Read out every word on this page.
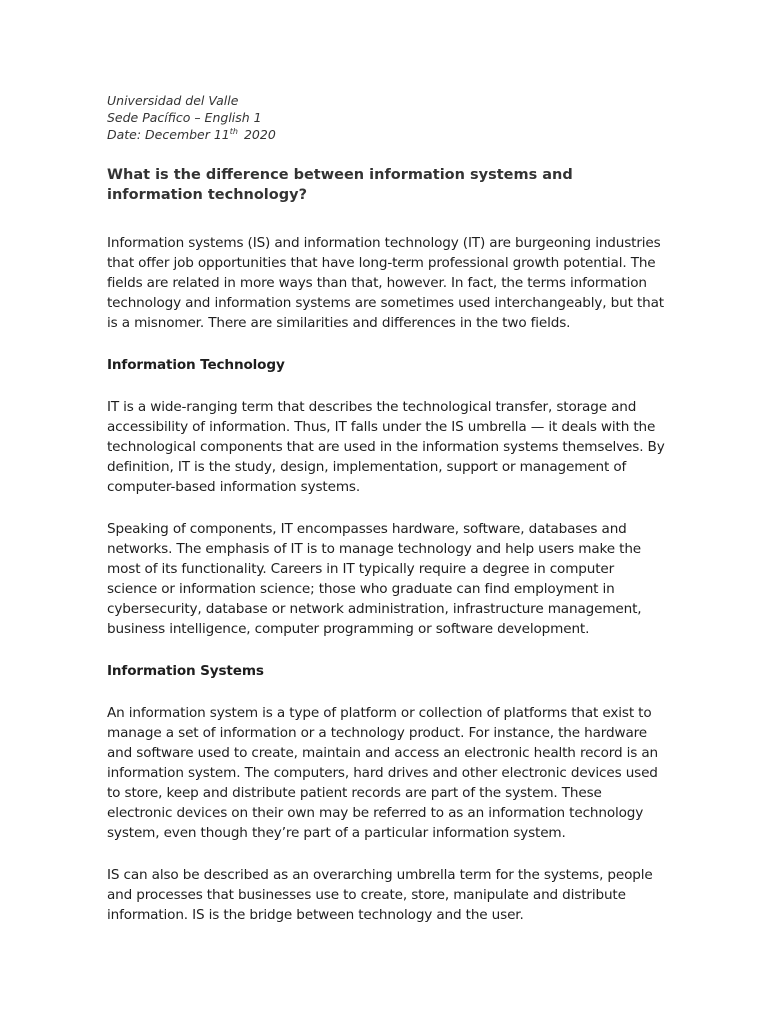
Universidad del Valle
Sede Pacífico – English 1
Date: December 11th 2020
What is the difference between information systems and information technology?

Information systems (IS) and information technology (IT) are burgeoning industries that offer job opportunities that have long-term professional growth potential. The fields are related in more ways than that, however. In fact, the terms information technology and information systems are sometimes used interchangeably, but that is a misnomer. There are similarities and differences in the two fields.

Information Technology

IT is a wide-ranging term that describes the technological transfer, storage and accessibility of information. Thus, IT falls under the IS umbrella — it deals with the technological components that are used in the information systems themselves. By definition, IT is the study, design, implementation, support or management of computer-based information systems.

Speaking of components, IT encompasses hardware, software, databases and networks. The emphasis of IT is to manage technology and help users make the most of its functionality. Careers in IT typically require a degree in computer science or information science; those who graduate can find employment in cybersecurity, database or network administration, infrastructure management, business intelligence, computer programming or software development.

Information Systems

An information system is a type of platform or collection of platforms that exist to manage a set of information or a technology product. For instance, the hardware and software used to create, maintain and access an electronic health record is an information system. The computers, hard drives and other electronic devices used to store, keep and distribute patient records are part of the system. These electronic devices on their own may be referred to as an information technology system, even though they’re part of a particular information system.

IS can also be described as an overarching umbrella term for the systems, people and processes that businesses use to create, store, manipulate and distribute information. IS is the bridge between technology and the user.
